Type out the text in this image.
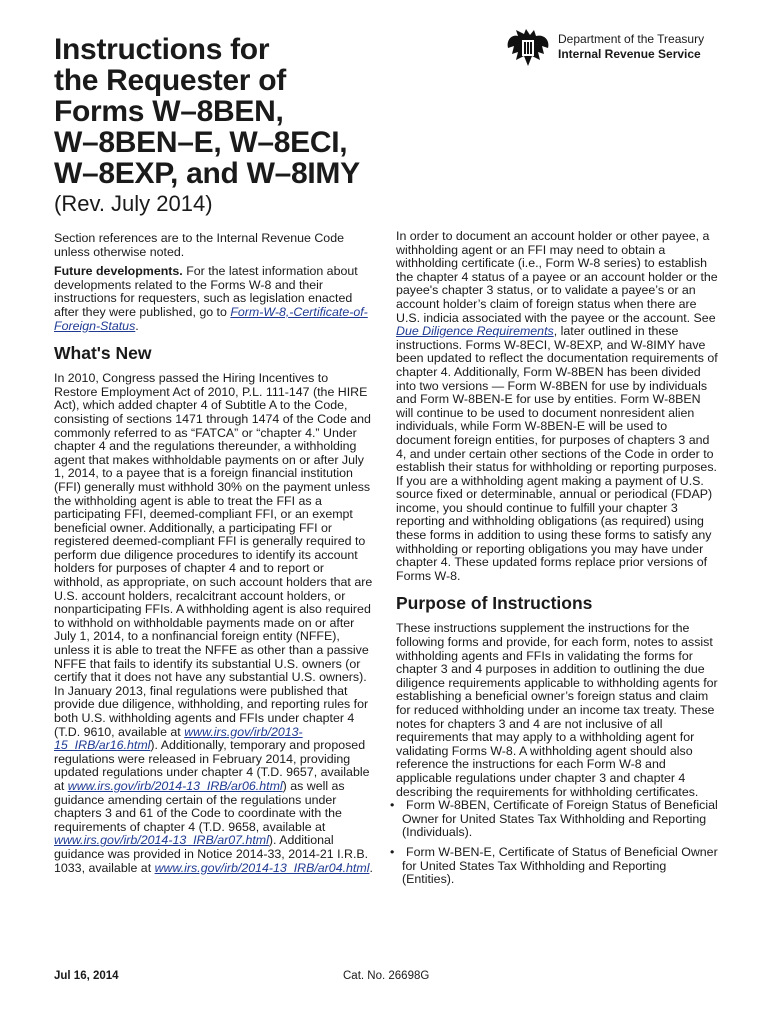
Instructions for
the Requester of
Forms W–8BEN,
W–8BEN–E, W–8ECI,
W–8EXP, and W–8IMY
(Rev. July 2014)
Department of the Treasury
Internal Revenue Service

Section references are to the Internal Revenue Code unless otherwise noted.

Future developments. For the latest information about developments related to the Forms W-8 and their instructions for requesters, such as legislation enacted after they were published, go to Form-W-8,-Certificate-of-Foreign-Status.

What's New

In 2010, Congress passed the Hiring Incentives to Restore Employment Act of 2010, P.L. 111-147 (the HIRE Act), which added chapter 4 of Subtitle A to the Code, consisting of sections 1471 through 1474 of the Code and commonly referred to as “FATCA” or “chapter 4.” Under chapter 4 and the regulations thereunder, a withholding agent that makes withholdable payments on or after July 1, 2014, to a payee that is a foreign financial institution (FFI) generally must withhold 30% on the payment unless the withholding agent is able to treat the FFI as a participating FFI, deemed-compliant FFI, or an exempt beneficial owner. Additionally, a participating FFI or registered deemed-compliant FFI is generally required to perform due diligence procedures to identify its account holders for purposes of chapter 4 and to report or withhold, as appropriate, on such account holders that are U.S. account holders, recalcitrant account holders, or nonparticipating FFIs. A withholding agent is also required to withhold on withholdable payments made on or after July 1, 2014, to a nonfinancial foreign entity (NFFE), unless it is able to treat the NFFE as other than a passive NFFE that fails to identify its substantial U.S. owners (or certify that it does not have any substantial U.S. owners). In January 2013, final regulations were published that provide due diligence, withholding, and reporting rules for both U.S. withholding agents and FFIs under chapter 4 (T.D. 9610, available at www.irs.gov/irb/2013-15_IRB/ar16.html). Additionally, temporary and proposed regulations were released in February 2014, providing updated regulations under chapter 4 (T.D. 9657, available at www.irs.gov/irb/2014-13_IRB/ar06.html) as well as guidance amending certain of the regulations under chapters 3 and 61 of the Code to coordinate with the requirements of chapter 4 (T.D. 9658, available at www.irs.gov/irb/2014-13_IRB/ar07.html). Additional guidance was provided in Notice 2014-33, 2014-21 I.R.B. 1033, available at www.irs.gov/irb/2014-13_IRB/ar04.html.

In order to document an account holder or other payee, a withholding agent or an FFI may need to obtain a withholding certificate (i.e., Form W-8 series) to establish the chapter 4 status of a payee or an account holder or the payee's chapter 3 status, or to validate a payee’s or an account holder’s claim of foreign status when there are U.S. indicia associated with the payee or the account. See Due Diligence Requirements, later outlined in these instructions. Forms W-8ECI, W-8EXP, and W-8IMY have been updated to reflect the documentation requirements of chapter 4. Additionally, Form W-8BEN has been divided into two versions — Form W-8BEN for use by individuals and Form W-8BEN-E for use by entities. Form W-8BEN will continue to be used to document nonresident alien individuals, while Form W-8BEN-E will be used to document foreign entities, for purposes of chapters 3 and 4, and under certain other sections of the Code in order to establish their status for withholding or reporting purposes. If you are a withholding agent making a payment of U.S. source fixed or determinable, annual or periodical (FDAP) income, you should continue to fulfill your chapter 3 reporting and withholding obligations (as required) using these forms in addition to using these forms to satisfy any withholding or reporting obligations you may have under chapter 4. These updated forms replace prior versions of Forms W-8.

Purpose of Instructions

These instructions supplement the instructions for the following forms and provide, for each form, notes to assist withholding agents and FFIs in validating the forms for chapter 3 and 4 purposes in addition to outlining the due diligence requirements applicable to withholding agents for establishing a beneficial owner’s foreign status and claim for reduced withholding under an income tax treaty. These notes for chapters 3 and 4 are not inclusive of all requirements that may apply to a withholding agent for validating Forms W-8. A withholding agent should also reference the instructions for each Form W-8 and applicable regulations under chapter 3 and chapter 4 describing the requirements for withholding certificates.

• Form W-8BEN, Certificate of Foreign Status of Beneficial Owner for United States Tax Withholding and Reporting (Individuals).

• Form W-BEN-E, Certificate of Status of Beneficial Owner for United States Tax Withholding and Reporting (Entities).

Jul 16, 2014	Cat. No. 26698G
